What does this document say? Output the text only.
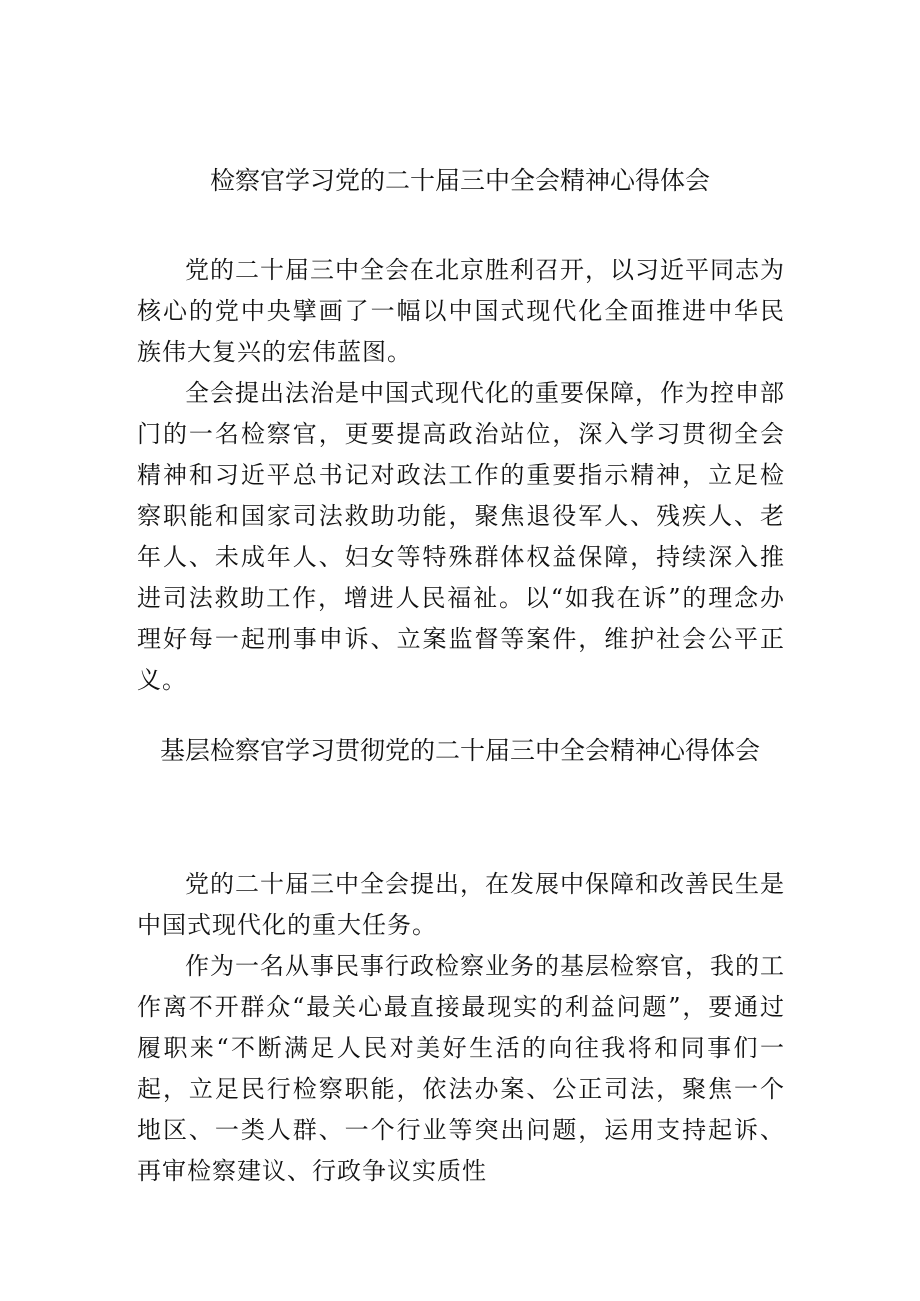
检察官学习党的二十届三中全会精神心得体会

党的二十届三中全会在北京胜利召开，以习近平同志为核心的党中央擘画了一幅以中国式现代化全面推进中华民族伟大复兴的宏伟蓝图。

全会提出法治是中国式现代化的重要保障，作为控申部门的一名检察官，更要提高政治站位，深入学习贯彻全会精神和习近平总书记对政法工作的重要指示精神，立足检察职能和国家司法救助功能，聚焦退役军人、残疾人、老年人、未成年人、妇女等特殊群体权益保障，持续深入推进司法救助工作，增进人民福祉。以“如我在诉”的理念办理好每一起刑事申诉、立案监督等案件，维护社会公平正义。

基层检察官学习贯彻党的二十届三中全会精神心得体会

党的二十届三中全会提出，在发展中保障和改善民生是中国式现代化的重大任务。

作为一名从事民事行政检察业务的基层检察官，我的工作离不开群众“最关心最直接最现实的利益问题”，要通过履职来“不断满足人民对美好生活的向往我将和同事们一起，立足民行检察职能，依法办案、公正司法，聚焦一个地区、一类人群、一个行业等突出问题，运用支持起诉、再审检察建议、行政争议实质性
